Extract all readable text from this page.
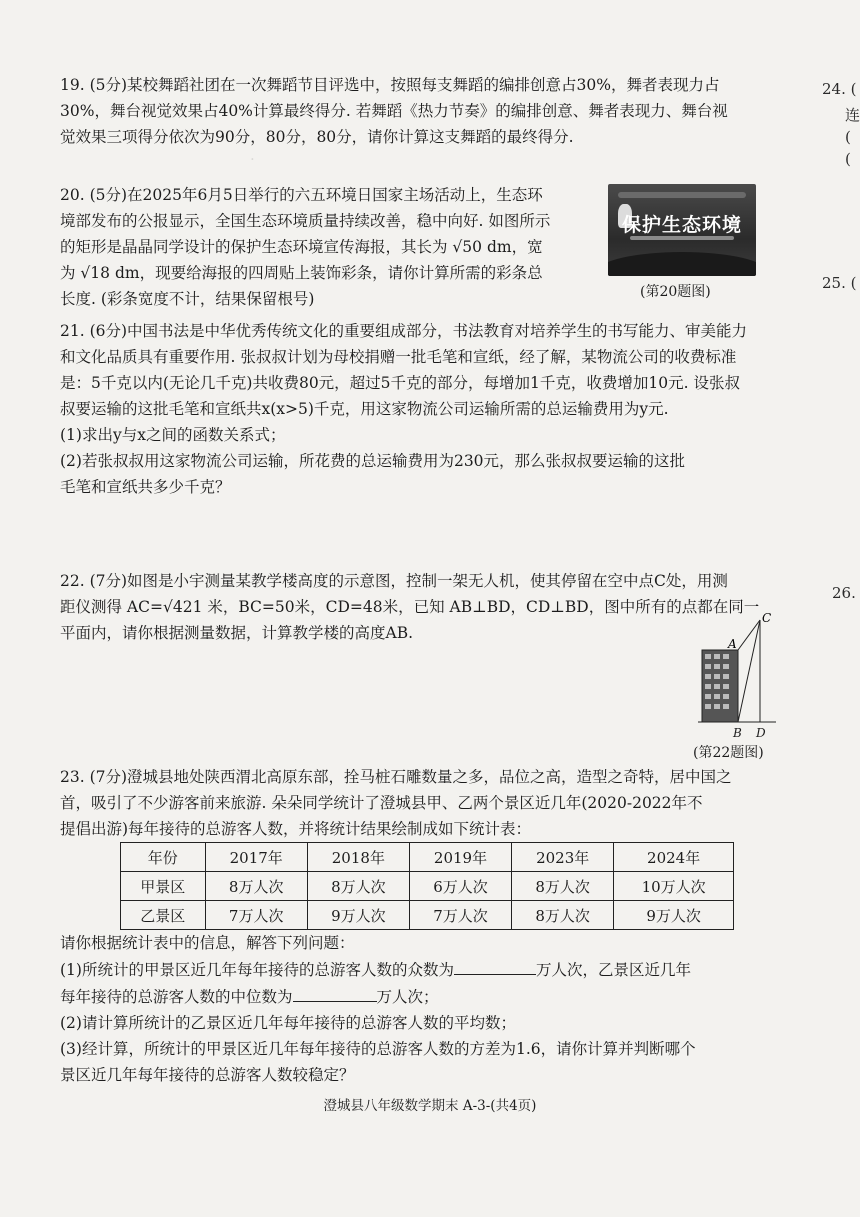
.

19. (5分)某校舞蹈社团在一次舞蹈节目评选中，按照每支舞蹈的编排创意占30%，舞者表现力占

30%，舞台视觉效果占40%计算最终得分. 若舞蹈《热力节奏》的编排创意、舞者表现力、舞台视

觉效果三项得分依次为90分，80分，80分，请你计算这支舞蹈的最终得分.

20. (5分)在2025年6月5日举行的六五环境日国家主场活动上，生态环

境部发布的公报显示，全国生态环境质量持续改善，稳中向好. 如图所示

的矩形是晶晶同学设计的保护生态环境宣传海报，其长为 √50 dm，宽

为 √18 dm，现要给海报的四周贴上装饰彩条，请你计算所需的彩条总

长度. (彩条宽度不计，结果保留根号)

保护生态环境
(第20题图)

21. (6分)中国书法是中华优秀传统文化的重要组成部分，书法教育对培养学生的书写能力、审美能力

和文化品质具有重要作用. 张叔叔计划为母校捐赠一批毛笔和宣纸，经了解，某物流公司的收费标准

是：5千克以内(无论几千克)共收费80元，超过5千克的部分，每增加1千克，收费增加10元. 设张叔

叔要运输的这批毛笔和宣纸共x(x>5)千克，用这家物流公司运输所需的总运输费用为y元.

(1)求出y与x之间的函数关系式；

(2)若张叔叔用这家物流公司运输，所花费的总运输费用为230元，那么张叔叔要运输的这批

毛笔和宣纸共多少千克？

22. (7分)如图是小宇测量某教学楼高度的示意图，控制一架无人机，使其停留在空中点C处，用测

距仪测得 AC=√421 米，BC=50米，CD=48米，已知 AB⊥BD，CD⊥BD，图中所有的点都在同一

平面内，请你根据测量数据，计算教学楼的高度AB.

A
C
B D
(第22题图)

23. (7分)澄城县地处陕西渭北高原东部，拴马桩石雕数量之多，品位之高，造型之奇特，居中国之

首，吸引了不少游客前来旅游. 朵朵同学统计了澄城县甲、乙两个景区近几年(2020-2022年不

提倡出游)每年接待的总游客人数，并将统计结果绘制成如下统计表：

年份	2017年	2018年	2019年	2023年	2024年
甲景区	8万人次	8万人次	6万人次	8万人次	10万人次
乙景区	7万人次	9万人次	7万人次	8万人次	9万人次

请你根据统计表中的信息，解答下列问题：

(1)所统计的甲景区近几年每年接待的总游客人数的众数为	万人次，乙景区近几年

每年接待的总游客人数的中位数为	万人次；

(2)请计算所统计的乙景区近几年每年接待的总游客人数的平均数；

(3)经计算，所统计的甲景区近几年每年接待的总游客人数的方差为1.6，请你计算并判断哪个

景区近几年每年接待的总游客人数较稳定？

澄城县八年级数学期末 A-3-(共4页)
24. (
连
(
(
25. (
26.
